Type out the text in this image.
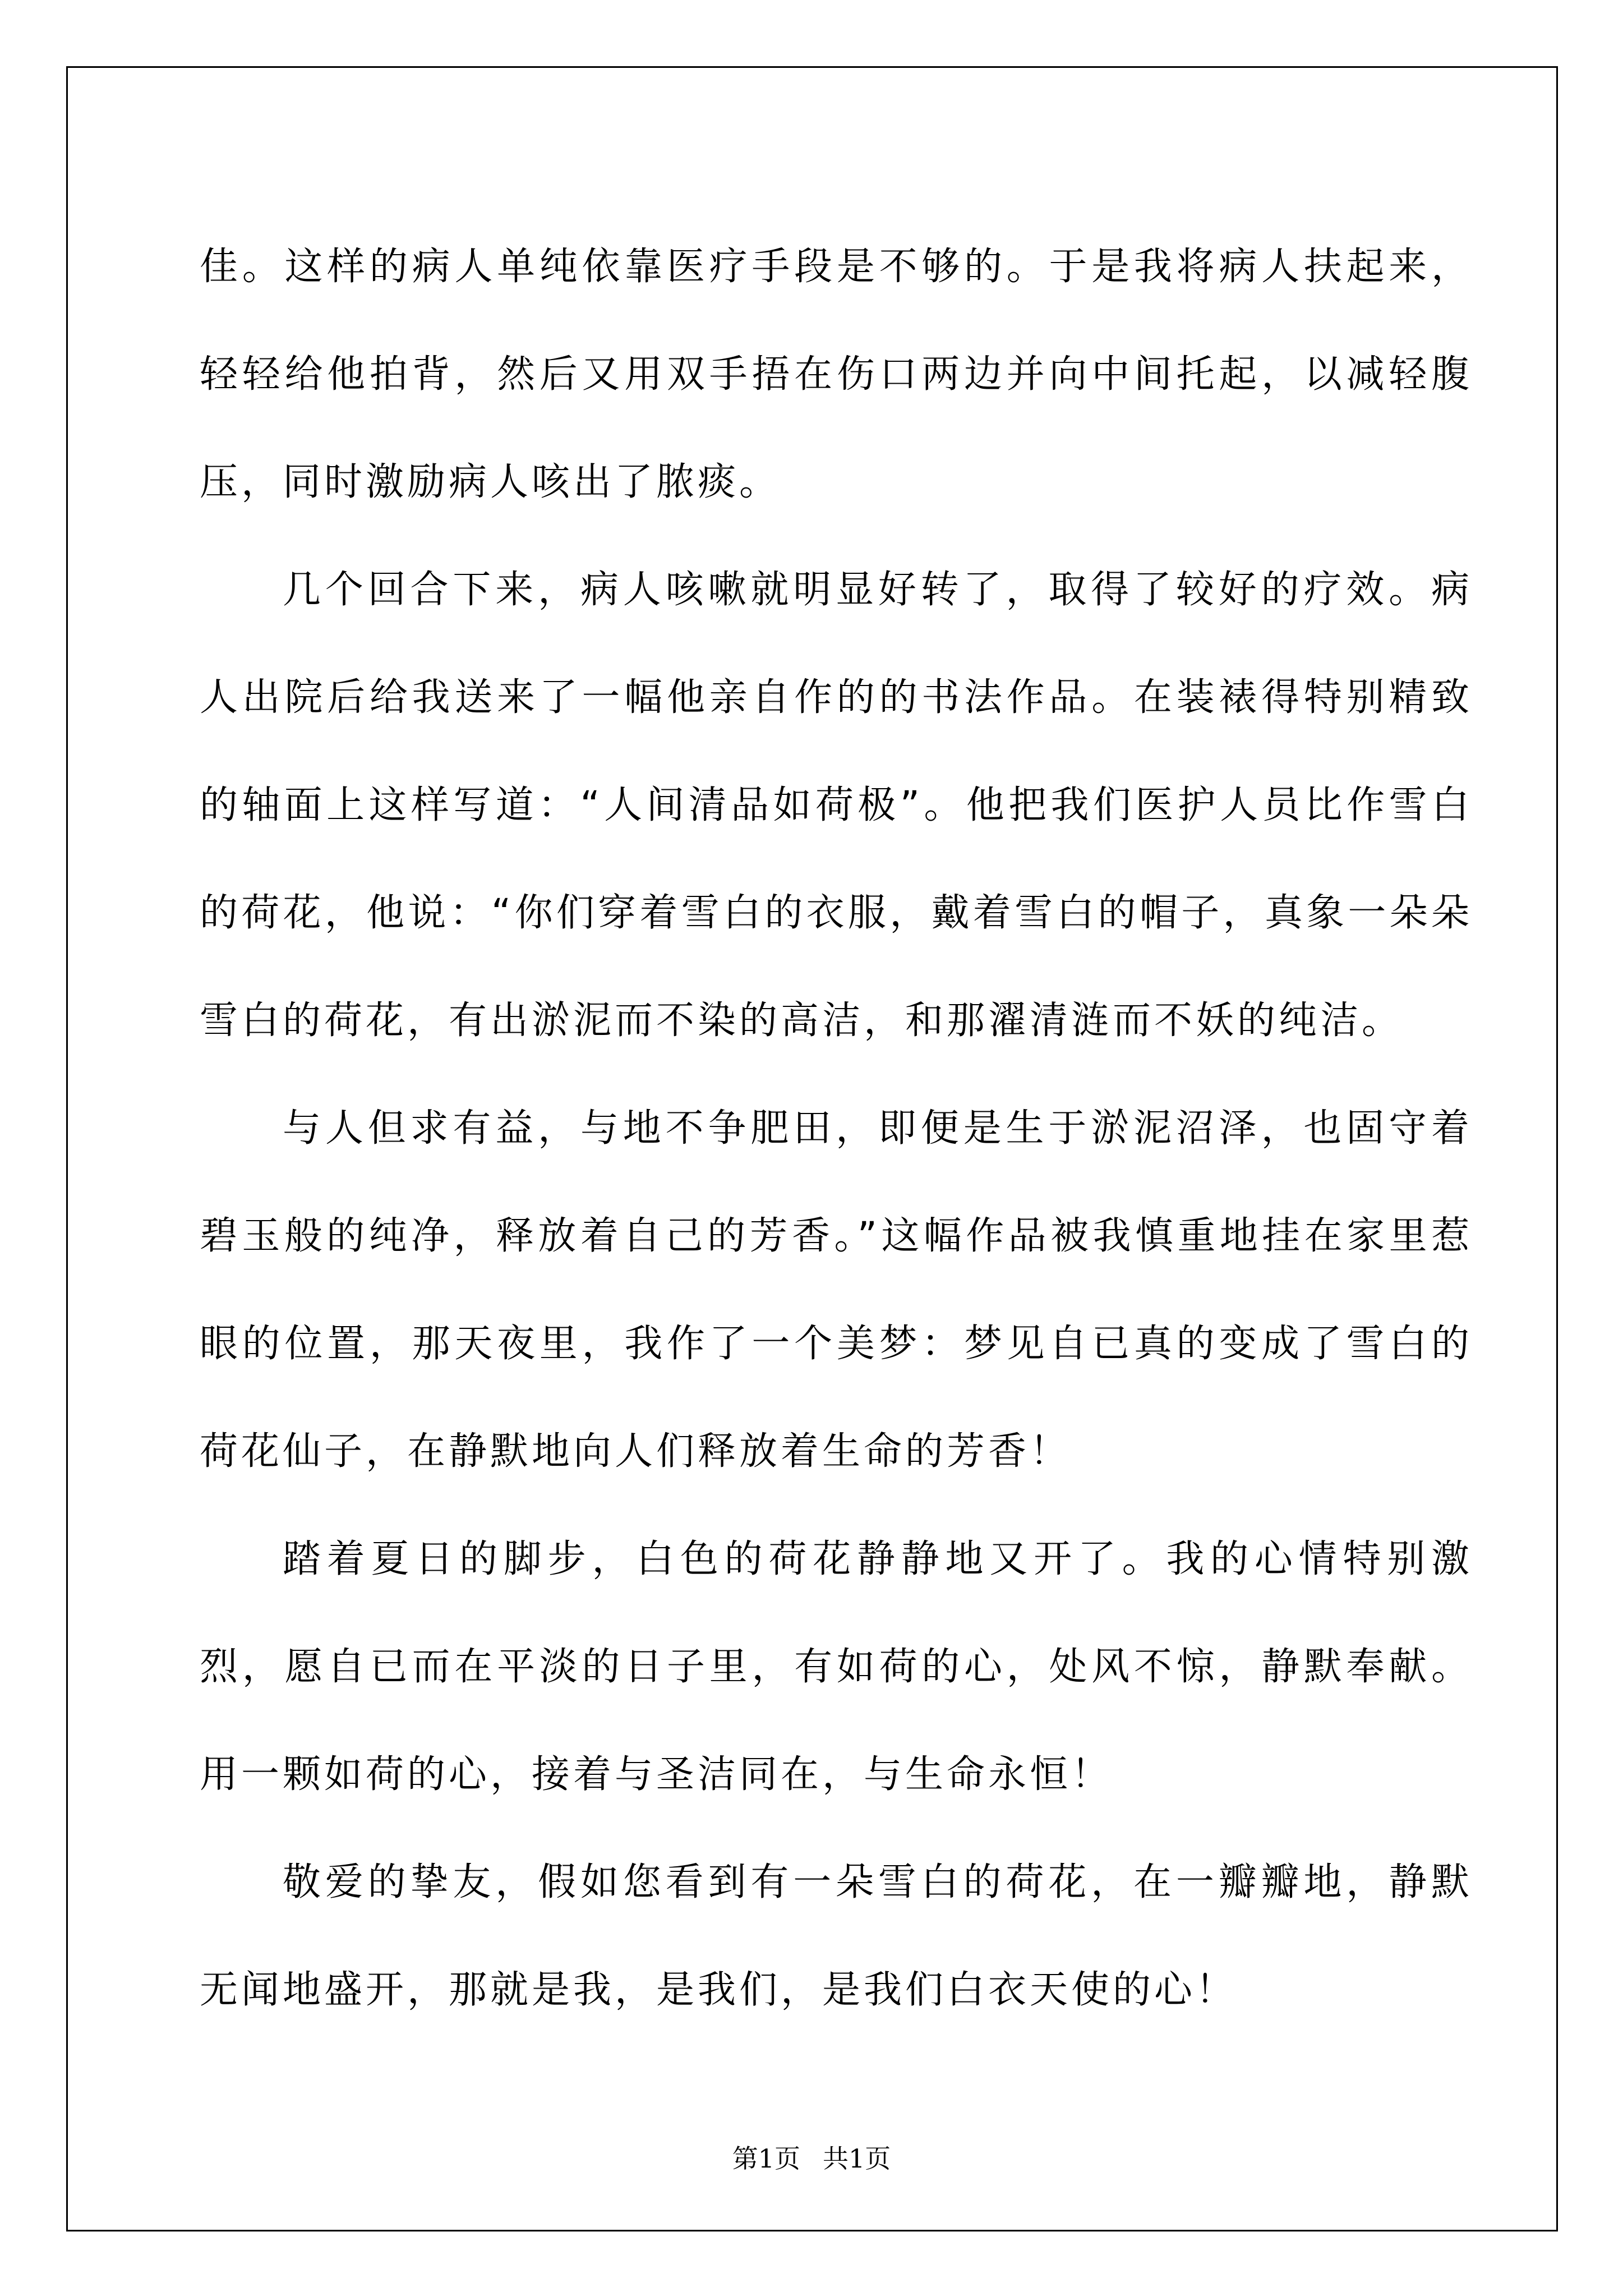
佳。这样的病人单纯依靠医疗手段是不够的。于是我将病人扶起来，轻轻给他拍背，然后又用双手捂在伤口两边并向中间托起，以减轻腹压，同时激励病人咳出了脓痰。

几个回合下来，病人咳嗽就明显好转了，取得了较好的疗效。病人出院后给我送来了一幅他亲自作的的书法作品。在装裱得特别精致的轴面上这样写道：“人间清品如荷极”。他把我们医护人员比作雪白的荷花，他说：“你们穿着雪白的衣服，戴着雪白的帽子，真象一朵朵雪白的荷花，有出淤泥而不染的高洁，和那濯清涟而不妖的纯洁。

与人但求有益，与地不争肥田，即便是生于淤泥沼泽，也固守着碧玉般的纯净，释放着自己的芳香。”这幅作品被我慎重地挂在家里惹眼的位置，那天夜里，我作了一个美梦：梦见自已真的变成了雪白的荷花仙子，在静默地向人们释放着生命的芳香！

踏着夏日的脚步，白色的荷花静静地又开了。我的心情特别激烈，愿自已而在平淡的日子里，有如荷的心，处风不惊，静默奉献。用一颗如荷的心，接着与圣洁同在，与生命永恒！

敬爱的挚友，假如您看到有一朵雪白的荷花，在一瓣瓣地，静默无闻地盛开，那就是我，是我们，是我们白衣天使的心！

第1页 共1页
